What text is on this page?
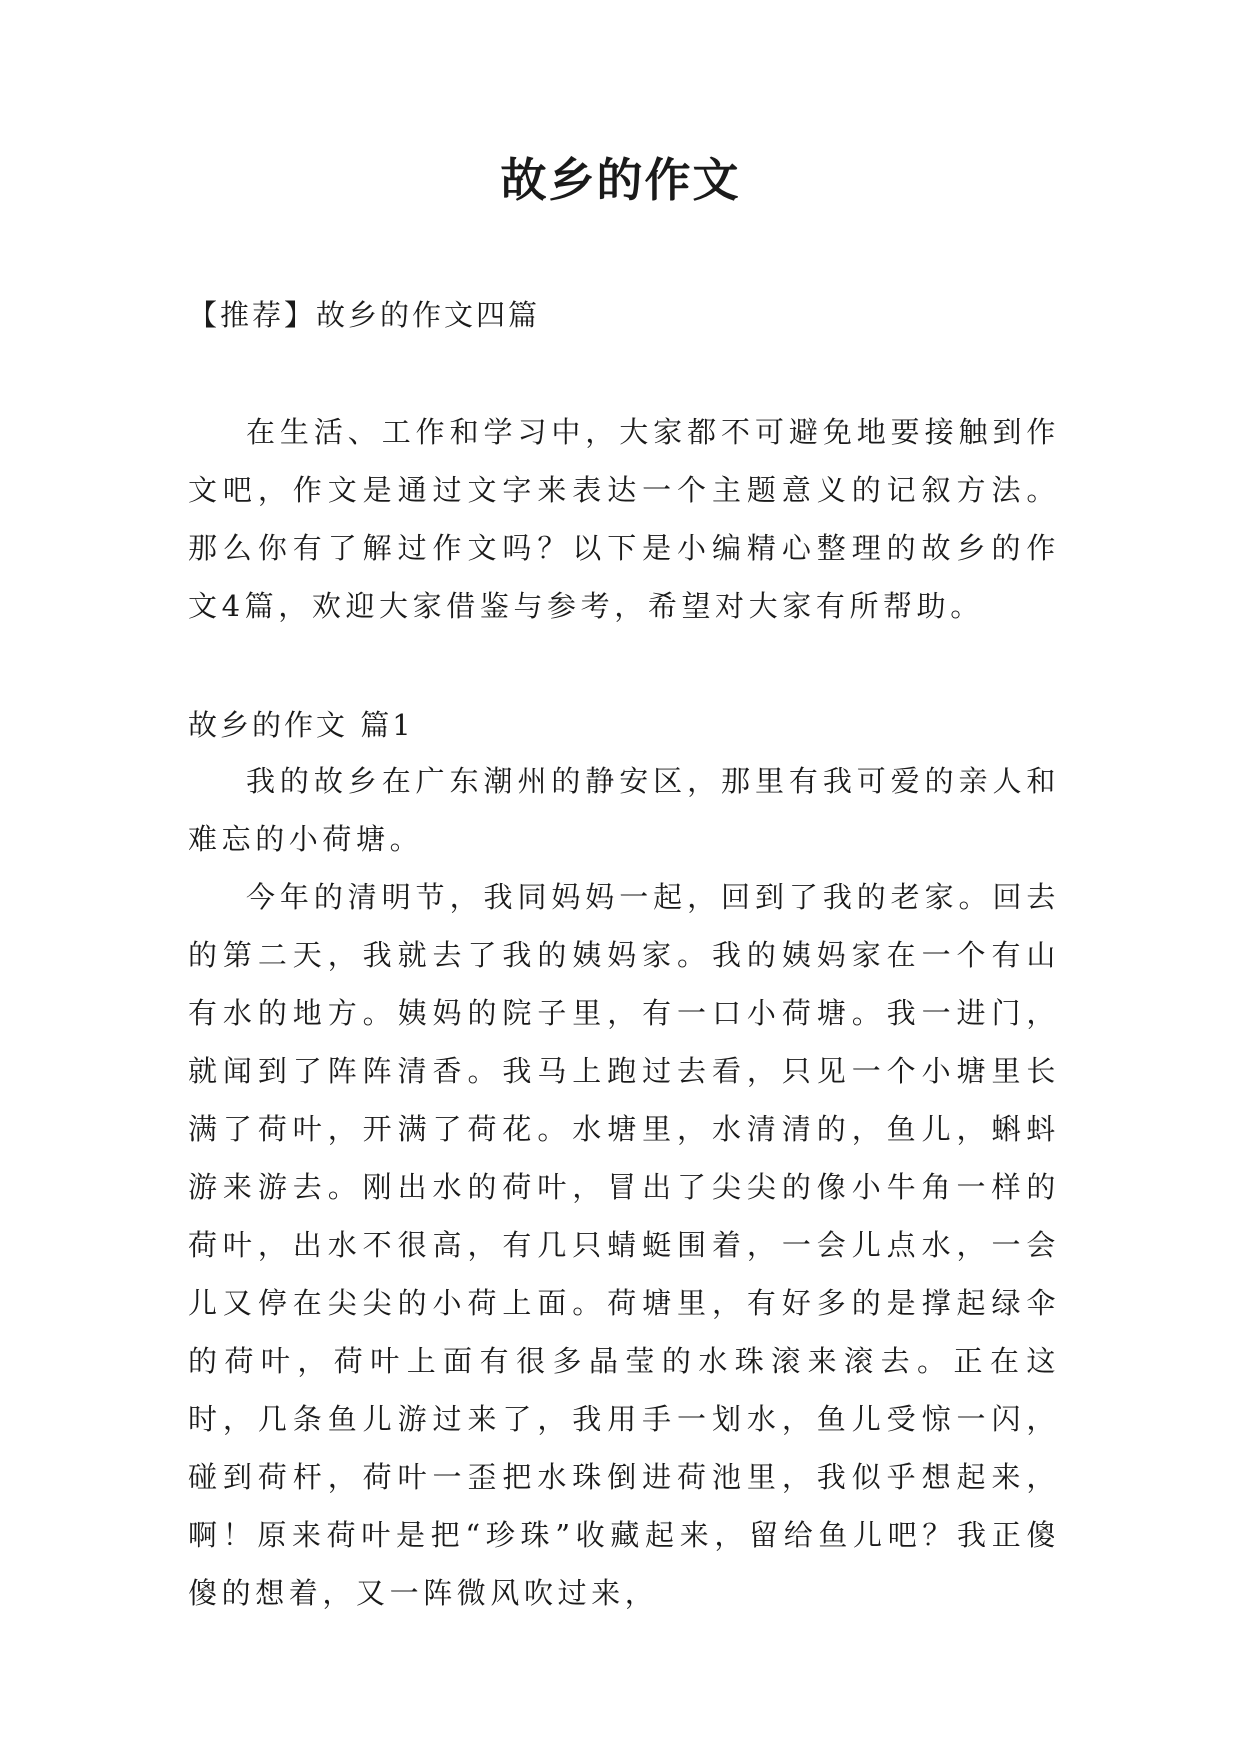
故乡的作文
【推荐】故乡的作文四篇

在生活、工作和学习中，大家都不可避免地要接触到作文吧，作文是通过文字来表达一个主题意义的记叙方法。那么你有了解过作文吗？以下是小编精心整理的故乡的作文4篇，欢迎大家借鉴与参考，希望对大家有所帮助。

故乡的作文 篇1

我的故乡在广东潮州的静安区，那里有我可爱的亲人和难忘的小荷塘。

今年的清明节，我同妈妈一起，回到了我的老家。回去的第二天，我就去了我的姨妈家。我的姨妈家在一个有山有水的地方。姨妈的院子里，有一口小荷塘。我一进门，就闻到了阵阵清香。我马上跑过去看，只见一个小塘里长满了荷叶，开满了荷花。水塘里，水清清的，鱼儿，蝌蚪游来游去。刚出水的荷叶，冒出了尖尖的像小牛角一样的荷叶，出水不很高，有几只蜻蜓围着，一会儿点水，一会儿又停在尖尖的小荷上面。荷塘里，有好多的是撑起绿伞的荷叶，荷叶上面有很多晶莹的水珠滚来滚去。正在这时，几条鱼儿游过来了，我用手一划水，鱼儿受惊一闪，碰到荷杆，荷叶一歪把水珠倒进荷池里，我似乎想起来，啊！原来荷叶是把“珍珠”收藏起来，留给鱼儿吧？我正傻傻的想着，又一阵微风吹过来，
